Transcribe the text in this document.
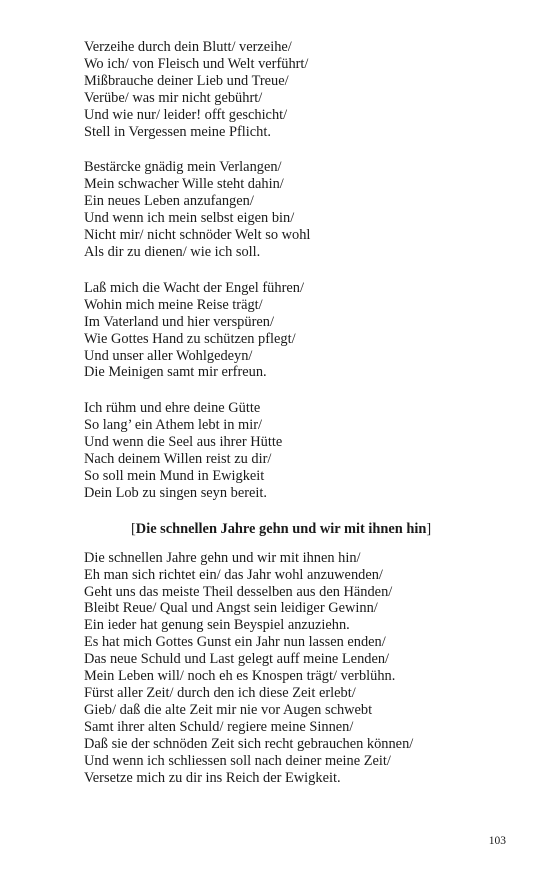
Verzeihe durch dein Blutt/ verzeihe/
Wo ich/ von Fleisch und Welt verführt/
Mißbrauche deiner Lieb und Treue/
Verübe/ was mir nicht gebührt/
Und wie nur/ leider! offt geschicht/
Stell in Vergessen meine Pflicht.
Bestärcke gnädig mein Verlangen/
Mein schwacher Wille steht dahin/
Ein neues Leben anzufangen/
Und wenn ich mein selbst eigen bin/
Nicht mir/ nicht schnöder Welt so wohl
Als dir zu dienen/ wie ich soll.
Laß mich die Wacht der Engel führen/
Wohin mich meine Reise trägt/
Im Vaterland und hier verspüren/
Wie Gottes Hand zu schützen pflegt/
Und unser aller Wohlgedeyn/
Die Meinigen samt mir erfreun.
Ich rühm und ehre deine Gütte
So lang’ ein Athem lebt in mir/
Und wenn die Seel aus ihrer Hütte
Nach deinem Willen reist zu dir/
So soll mein Mund in Ewigkeit
Dein Lob zu singen seyn bereit.
[Die schnellen Jahre gehn und wir mit ihnen hin]
Die schnellen Jahre gehn und wir mit ihnen hin/
Eh man sich richtet ein/ das Jahr wohl anzuwenden/
Geht uns das meiste Theil desselben aus den Händen/
Bleibt Reue/ Qual und Angst sein leidiger Gewinn/
Ein ieder hat genung sein Beyspiel anzuziehn.
Es hat mich Gottes Gunst ein Jahr nun lassen enden/
Das neue Schuld und Last gelegt auff meine Lenden/
Mein Leben will/ noch eh es Knospen trägt/ verblühn.
Fürst aller Zeit/ durch den ich diese Zeit erlebt/
Gieb/ daß die alte Zeit mir nie vor Augen schwebt
Samt ihrer alten Schuld/ regiere meine Sinnen/
Daß sie der schnöden Zeit sich recht gebrauchen können/
Und wenn ich schliessen soll nach deiner meine Zeit/
Versetze mich zu dir ins Reich der Ewigkeit.
103
